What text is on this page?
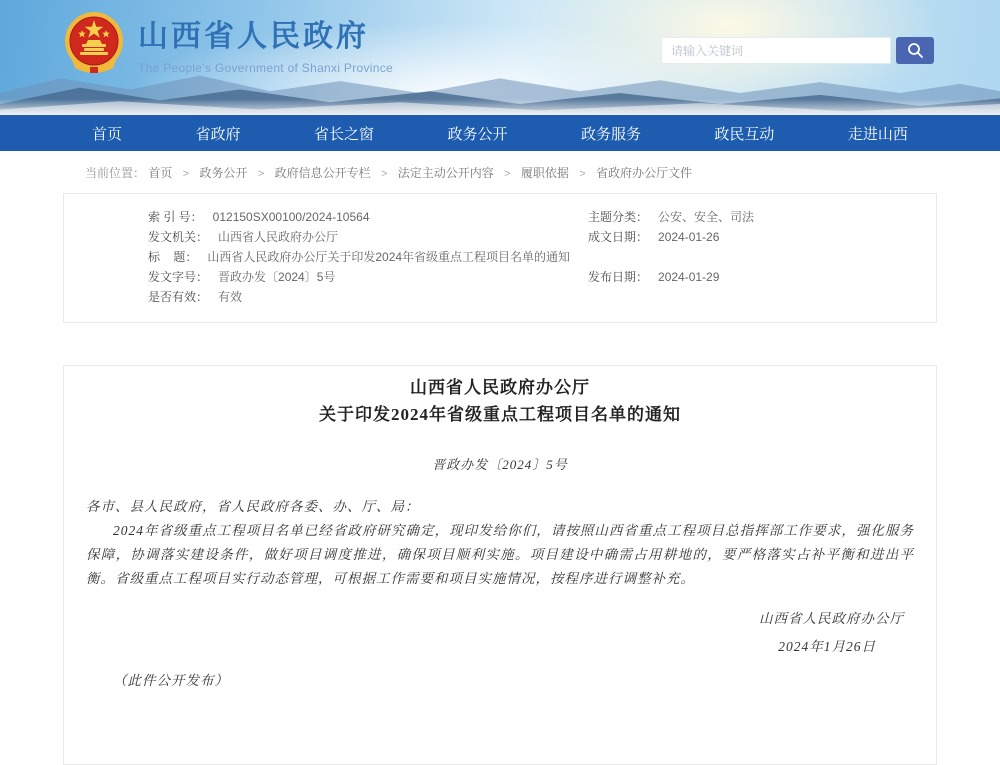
山西省人民政府
The People's Government of Shanxi Province
请输入关键词
首页	省政府	省长之窗	政务公开	政务服务	政民互动	走进山西
当前位置： 首页 > 政务公开 > 政府信息公开专栏 > 法定主动公开内容 > 履职依据 > 省政府办公厅文件
索 引 号： 012150SX00100/2024-10564
发文机关： 山西省人民政府办公厅
标    题： 山西省人民政府办公厅关于印发2024年省级重点工程项目名单的通知
发文字号： 晋政办发〔2024〕5号
是否有效： 有效
主题分类： 公安、安全、司法
成文日期： 2024-01-26
发布日期： 2024-01-29
山西省人民政府办公厅
关于印发2024年省级重点工程项目名单的通知
晋政办发〔2024〕5号

各市、县人民政府，省人民政府各委、办、厅、局：

2024年省级重点工程项目名单已经省政府研究确定，现印发给你们，请按照山西省重点工程项目总指挥部工作要求，强化服务保障，协调落实建设条件，做好项目调度推进，确保项目顺利实施。项目建设中确需占用耕地的，要严格落实占补平衡和进出平衡。省级重点工程项目实行动态管理，可根据工作需要和项目实施情况，按程序进行调整补充。

山西省人民政府办公厅
2024年1月26日

（此件公开发布）
